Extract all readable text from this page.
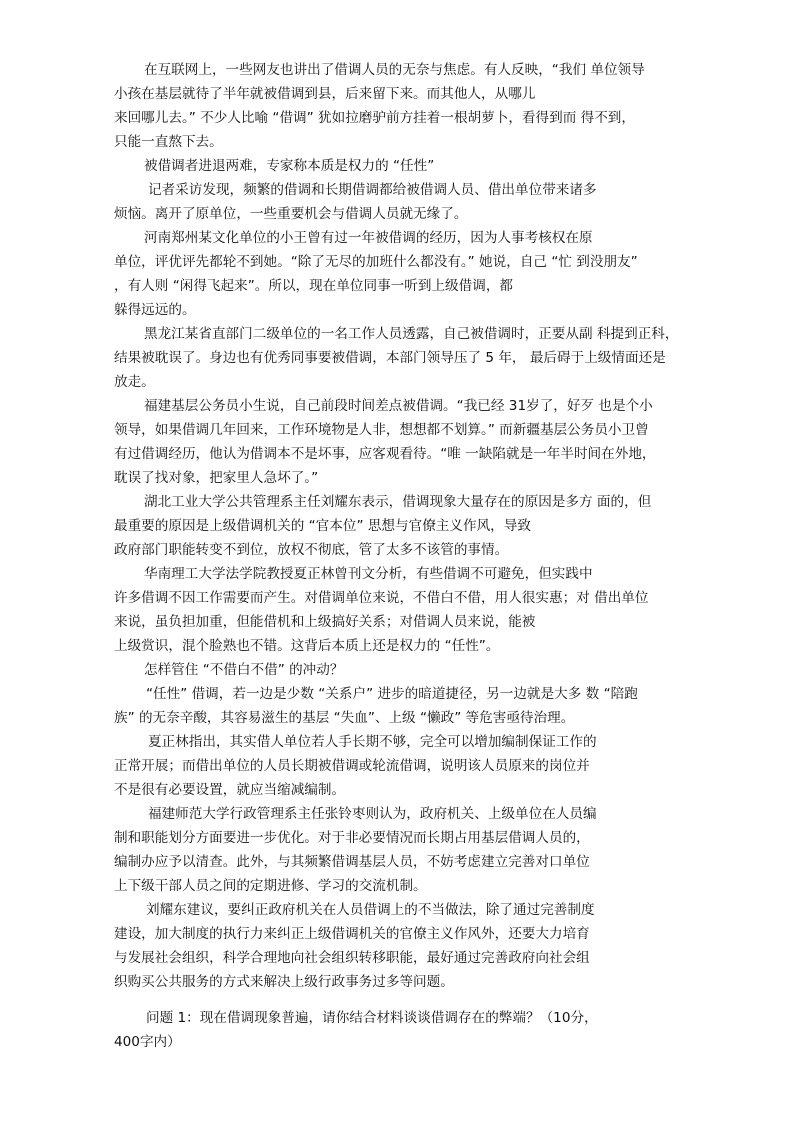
在互联网上，一些网友也讲出了借调人员的无奈与焦虑。有人反映，“我们 单位领导

小孩在基层就待了半年就被借调到县，后来留下来。而其他人，从哪儿

来回哪儿去。” 不少人比喻 “借调” 犹如拉磨驴前方挂着一根胡萝卜，看得到而 得不到，

只能一直熬下去。

被借调者进退两难，专家称本质是权力的 “任性”

记者采访发现，频繁的借调和长期借调都给被借调人员、借出单位带来诸多

烦恼。离开了原单位，一些重要机会与借调人员就无缘了。

河南郑州某文化单位的小王曾有过一年被借调的经历，因为人事考核权在原

单位，评优评先都轮不到她。“除了无尽的加班什么都没有。” 她说，自己 “忙 到没朋友”

，有人则 “闲得飞起来”。所以，现在单位同事一听到上级借调，都

躲得远远的。

黑龙江某省直部门二级单位的一名工作人员透露，自己被借调时，正要从副 科提到正科，

结果被耽误了。身边也有优秀同事要被借调，本部门领导压了 5 年， 最后碍于上级情面还是

放走。

福建基层公务员小生说，自己前段时间差点被借调。“我已经 31岁了，好歹 也是个小

领导，如果借调几年回来，工作环境物是人非，想想都不划算。” 而新疆基层公务员小卫曾

有过借调经历，他认为借调本不是坏事，应客观看待。“唯 一缺陷就是一年半时间在外地，

耽误了找对象，把家里人急坏了。”

湖北工业大学公共管理系主任刘耀东表示，借调现象大量存在的原因是多方 面的，但

最重要的原因是上级借调机关的 “官本位” 思想与官僚主义作风，导致

政府部门职能转变不到位，放权不彻底，管了太多不该管的事情。

华南理工大学法学院教授夏正林曾刊文分析，有些借调不可避免，但实践中

许多借调不因工作需要而产生。对借调单位来说，不借白不借，用人很实惠；对 借出单位

来说，虽负担加重，但能借机和上级搞好关系；对借调人员来说，能被

上级赏识，混个脸熟也不错。这背后本质上还是权力的 “任性”。

怎样管住 “不借白不借” 的冲动？

“任性” 借调，若一边是少数 “关系户” 进步的暗道捷径，另一边就是大多 数 “陪跑

族” 的无奈辛酸，其容易滋生的基层 “失血”、上级 “懒政” 等危害亟待治理。

夏正林指出，其实借人单位若人手长期不够，完全可以增加编制保证工作的

正常开展；而借出单位的人员长期被借调或轮流借调，说明该人员原来的岗位并

不是很有必要设置，就应当缩减编制。

福建师范大学行政管理系主任张铃枣则认为，政府机关、上级单位在人员编

制和职能划分方面要进一步优化。对于非必要情况而长期占用基层借调人员的，

编制办应予以清查。此外，与其频繁借调基层人员，不妨考虑建立完善对口单位

上下级干部人员之间的定期进修、学习的交流机制。

刘耀东建议，要纠正政府机关在人员借调上的不当做法，除了通过完善制度

建设，加大制度的执行力来纠正上级借调机关的官僚主义作风外，还要大力培育

与发展社会组织，科学合理地向社会组织转移职能，最好通过完善政府向社会组

织购买公共服务的方式来解决上级行政事务过多等问题。

问题 1：现在借调现象普遍，请你结合材料谈谈借调存在的弊端？（10分，

400字内）
